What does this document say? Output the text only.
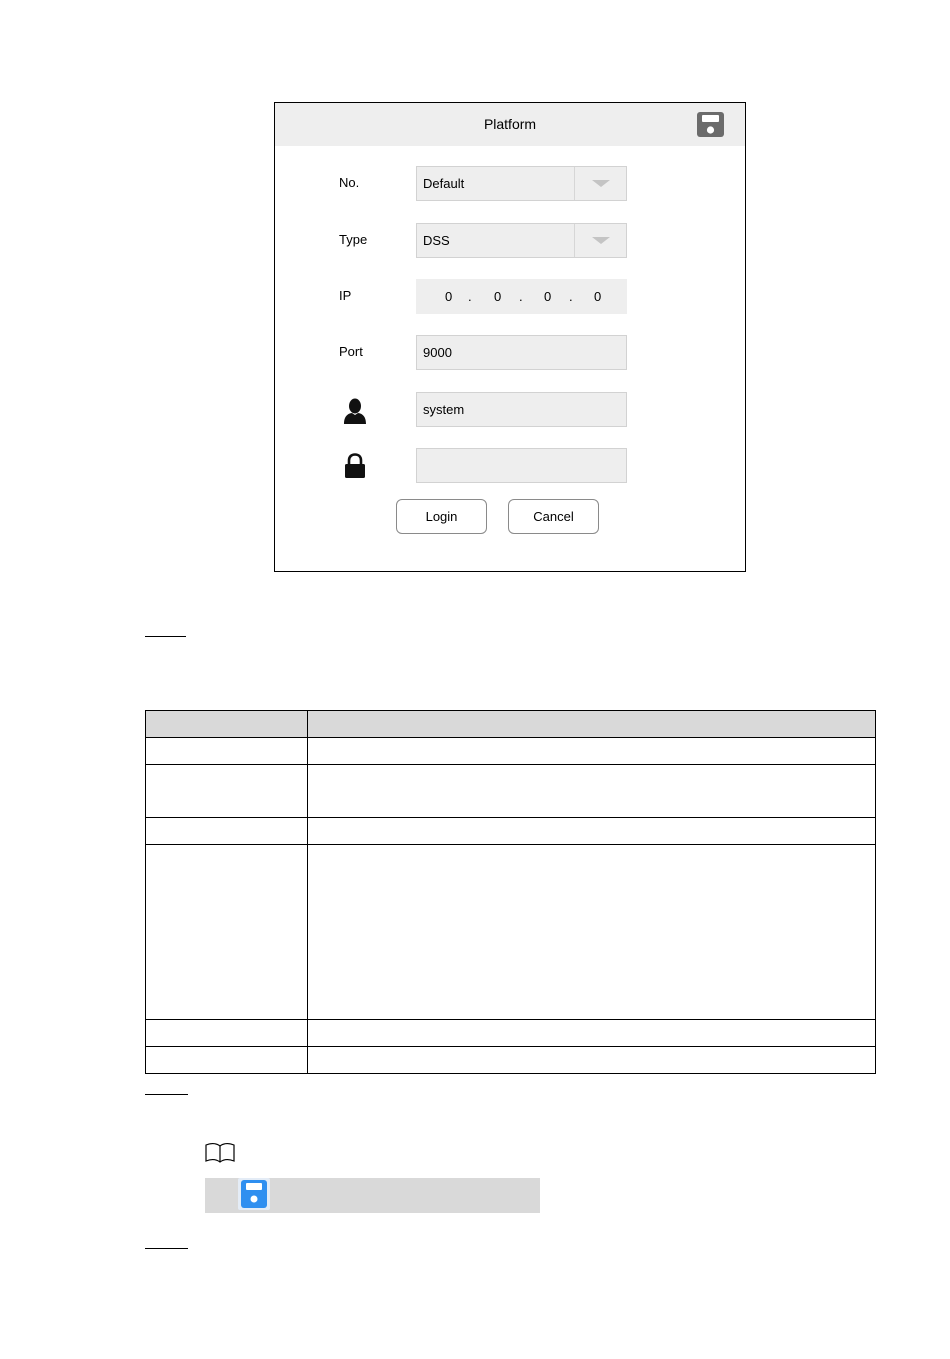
Platform
No.	Default
Type	DSS
IP	0 . 0 . 0 . 0
Port	9000
system
Login	Cancel
